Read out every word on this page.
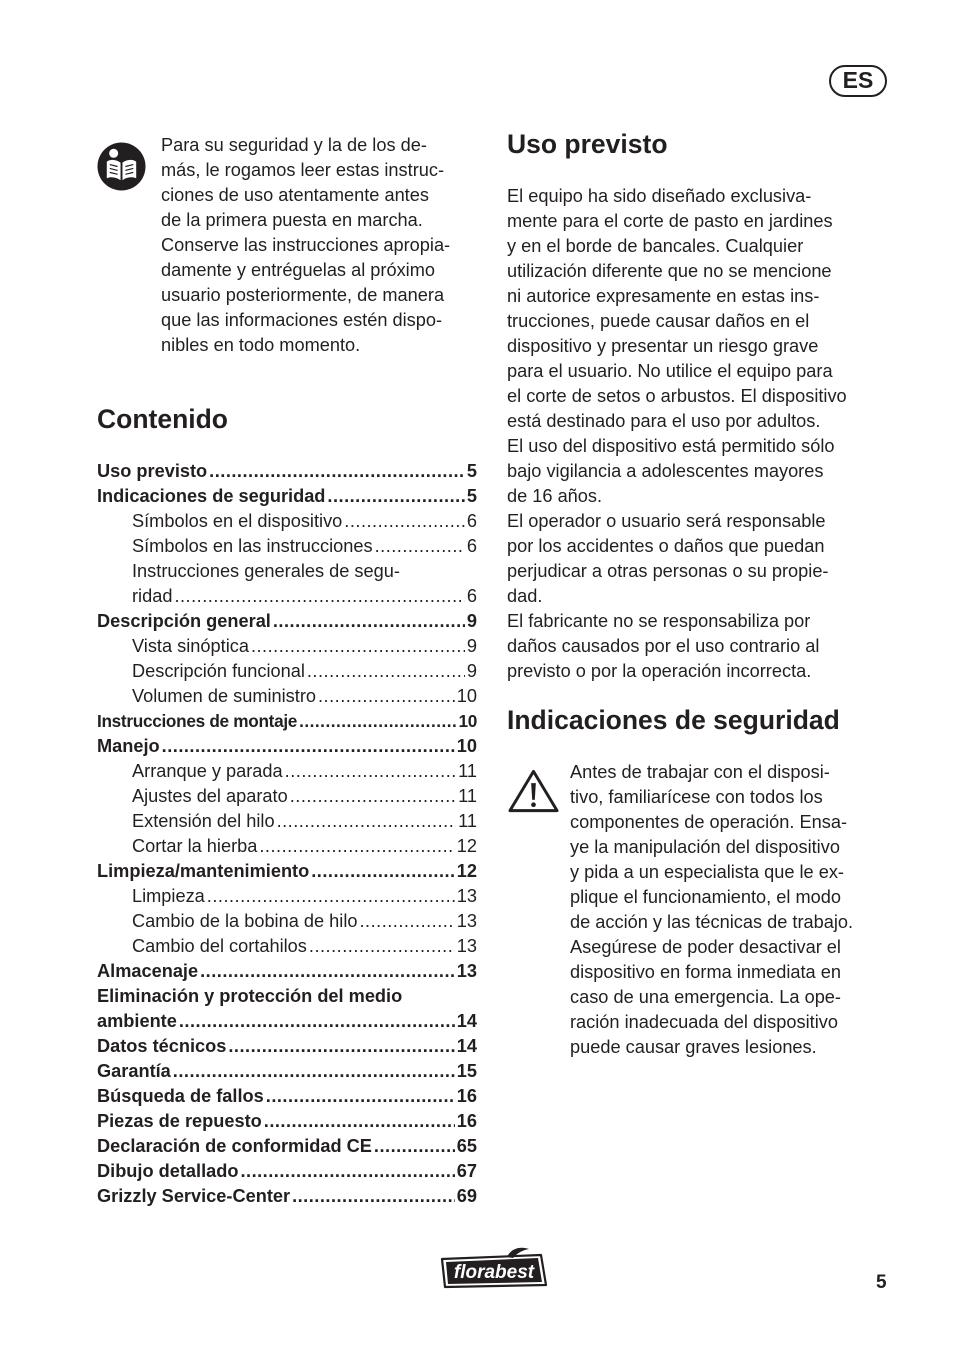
ES

Para su seguridad y la de los de-
más, le rogamos leer estas instruc-
ciones de uso atentamente antes
de la primera puesta en marcha.
Conserve las instrucciones apropia-
damente y entréguelas al próximo
usuario posteriormente, de manera
que las informaciones estén dispo-
nibles en todo momento.

Contenido
Uso previsto .....	5
Indicaciones de seguridad .....	5
Símbolos en el dispositivo .....	6
Símbolos en las instrucciones .....	6
Instrucciones generales de segu-
ridad .....	6
Descripción general .....	9
Vista sinóptica .....	9
Descripción funcional .....	9
Volumen de suministro .....	10
Instrucciones de montaje .....	10
Manejo .....	10
Arranque y parada .....	11
Ajustes del aparato .....	11
Extensión del hilo .....	11
Cortar la hierba .....	12
Limpieza/mantenimiento .....	12
Limpieza .....	13
Cambio de la bobina de hilo .....	13
Cambio del cortahilos .....	13
Almacenaje .....	13
Eliminación y protección del medio
ambiente .....	14
Datos técnicos .....	14
Garantía .....	15
Búsqueda de fallos .....	16
Piezas de repuesto .....	16
Declaración de conformidad CE .....	65
Dibujo detallado .....	67
Grizzly Service-Center .....	69
Uso previsto

El equipo ha sido diseñado exclusiva-
mente para el corte de pasto en jardines
y en el borde de bancales. Cualquier
utilización diferente que no se mencione
ni autorice expresamente en estas ins-
trucciones, puede causar daños en el
dispositivo y presentar un riesgo grave
para el usuario. No utilice el equipo para
el corte de setos o arbustos. El dispositivo
está destinado para el uso por adultos.
El uso del dispositivo está permitido sólo
bajo vigilancia a adolescentes mayores
de 16 años.
El operador o usuario será responsable
por los accidentes o daños que puedan
perjudicar a otras personas o su propie-
dad.
El fabricante no se responsabiliza por
daños causados por el uso contrario al
previsto o por la operación incorrecta.

Indicaciones de seguridad

Antes de trabajar con el disposi-
tivo, familiarícese con todos los
componentes de operación. Ensa-
ye la manipulación del dispositivo
y pida a un especialista que le ex-
plique el funcionamiento, el modo
de acción y las técnicas de trabajo.
Asegúrese de poder desactivar el
dispositivo en forma inmediata en
caso de una emergencia. La ope-
ración inadecuada del dispositivo
puede causar graves lesiones.

florabest	5
